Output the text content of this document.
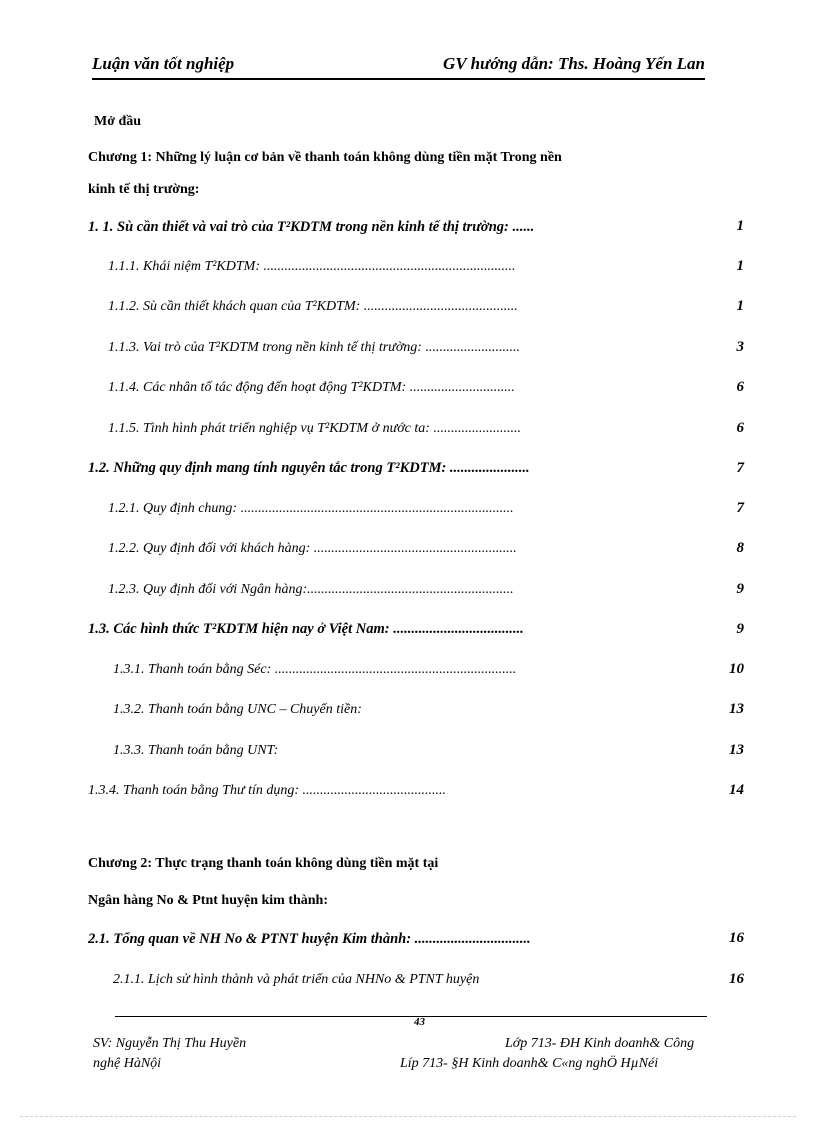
Luận văn tốt nghiệp	GV hướng dẫn: Ths. Hoàng Yến Lan
Mở đầu
Chương 1: Những lý luận cơ bản về thanh toán không dùng tiền mặt Trong nền
kinh tế thị trường:
1. 1. Sù cần thiết và vai trò của T²KDTM trong nền kinh tế thị trường: ......	1
1.1.1. Khái niệm T²KDTM: ........................................................................	1
1.1.2. Sù cần thiết khách quan của T²KDTM: ............................................	1
1.1.3. Vai trò của T²KDTM trong nền kinh tế thị trường: ...........................	3
1.1.4. Các nhân tố tác động đến hoạt động T²KDTM: ..............................	6
1.1.5. Tình hình phát triển nghiệp vụ T²KDTM ở nước ta: .........................	6
1.2. Những quy định mang tính nguyên tắc trong T²KDTM: ......................	7
1.2.1. Quy định chung: ..............................................................................	7
1.2.2. Quy định đối với khách hàng: ..........................................................	8
1.2.3. Quy định đối với Ngân hàng:...........................................................	9
1.3. Các hình thức T²KDTM hiện nay ở Việt Nam: ....................................	9
1.3.1. Thanh toán bằng Séc: .....................................................................	10
1.3.2. Thanh toán bằng UNC – Chuyển tiền:	13
1.3.3. Thanh toán bằng UNT:	13
1.3.4. Thanh toán bằng Thư tín dụng: .........................................	14
Chương 2: Thực trạng thanh toán không dùng tiền mặt tại
Ngân hàng No & Ptnt huyện kim thành:
2.1. Tổng quan về NH No & PTNT huyện Kim thành: ................................	16
2.1.1. Lịch sử hình thành và phát triển của NHNo & PTNT huyện	16
43
SV: Nguyễn Thị Thu Huyền	Lớp 713- ĐH Kinh doanh& Công
nghệ HàNội	Líp 713- §H Kinh doanh& C«ng nghÖ HµNéi
